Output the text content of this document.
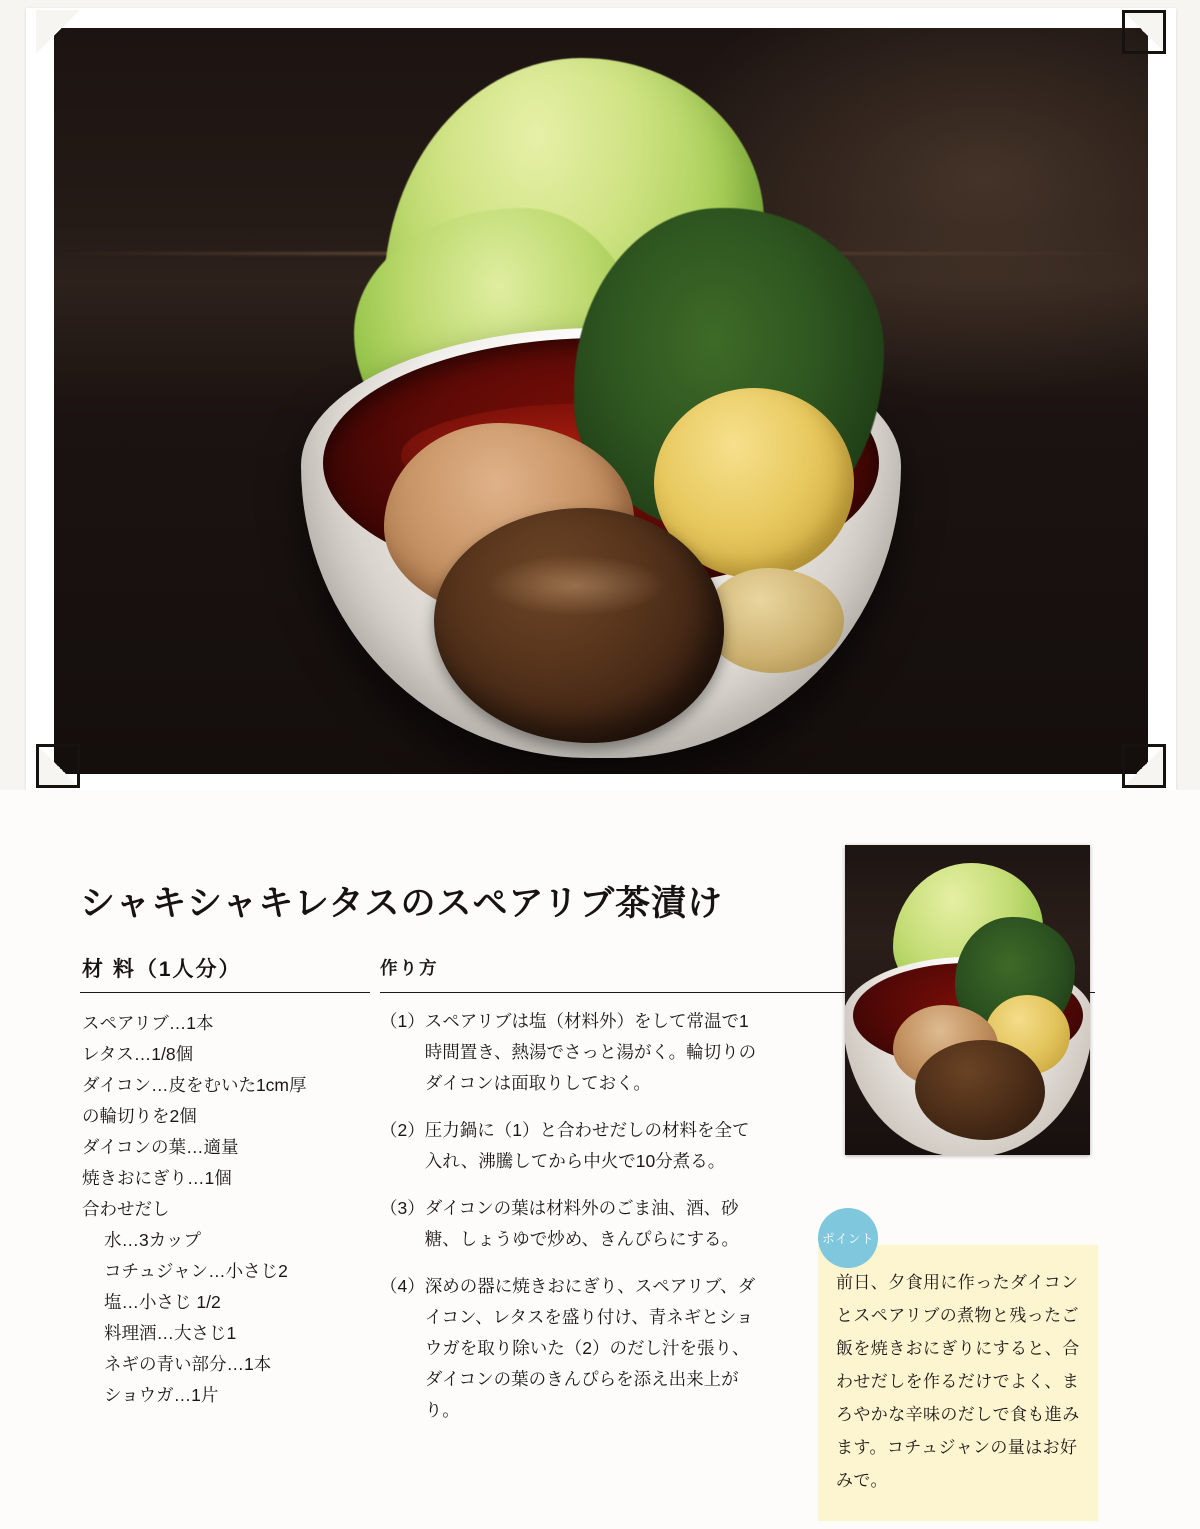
シャキシャキレタスのスペアリブ茶漬け
材 料（1人分）	作り方
スペアリブ…1本
レタス…1/8個
ダイコン…皮をむいた1cm厚
の輪切りを2個
ダイコンの葉…適量
焼きおにぎり…1個
合わせだし
水…3カップ
コチュジャン…小さじ2
塩…小さじ 1/2
料理酒…大さじ1
ネギの青い部分…1本
ショウガ…1片
（1） スペアリブは塩（材料外）をして常温で1時間置き、熱湯でさっと湯がく。輪切りのダイコンは面取りしておく。
（2） 圧力鍋に（1）と合わせだしの材料を全て入れ、沸騰してから中火で10分煮る。
（3） ダイコンの葉は材料外のごま油、酒、砂糖、しょうゆで炒め、きんぴらにする。
（4） 深めの器に焼きおにぎり、スペアリブ、ダイコン、レタスを盛り付け、青ネギとショウガを取り除いた（2）のだし汁を張り、ダイコンの葉のきんぴらを添え出来上がり。
ポイント
前日、夕食用に作ったダイコンとスペアリブの煮物と残ったご飯を焼きおにぎりにすると、合わせだしを作るだけでよく、まろやかな辛味のだしで食も進みます。コチュジャンの量はお好みで。
